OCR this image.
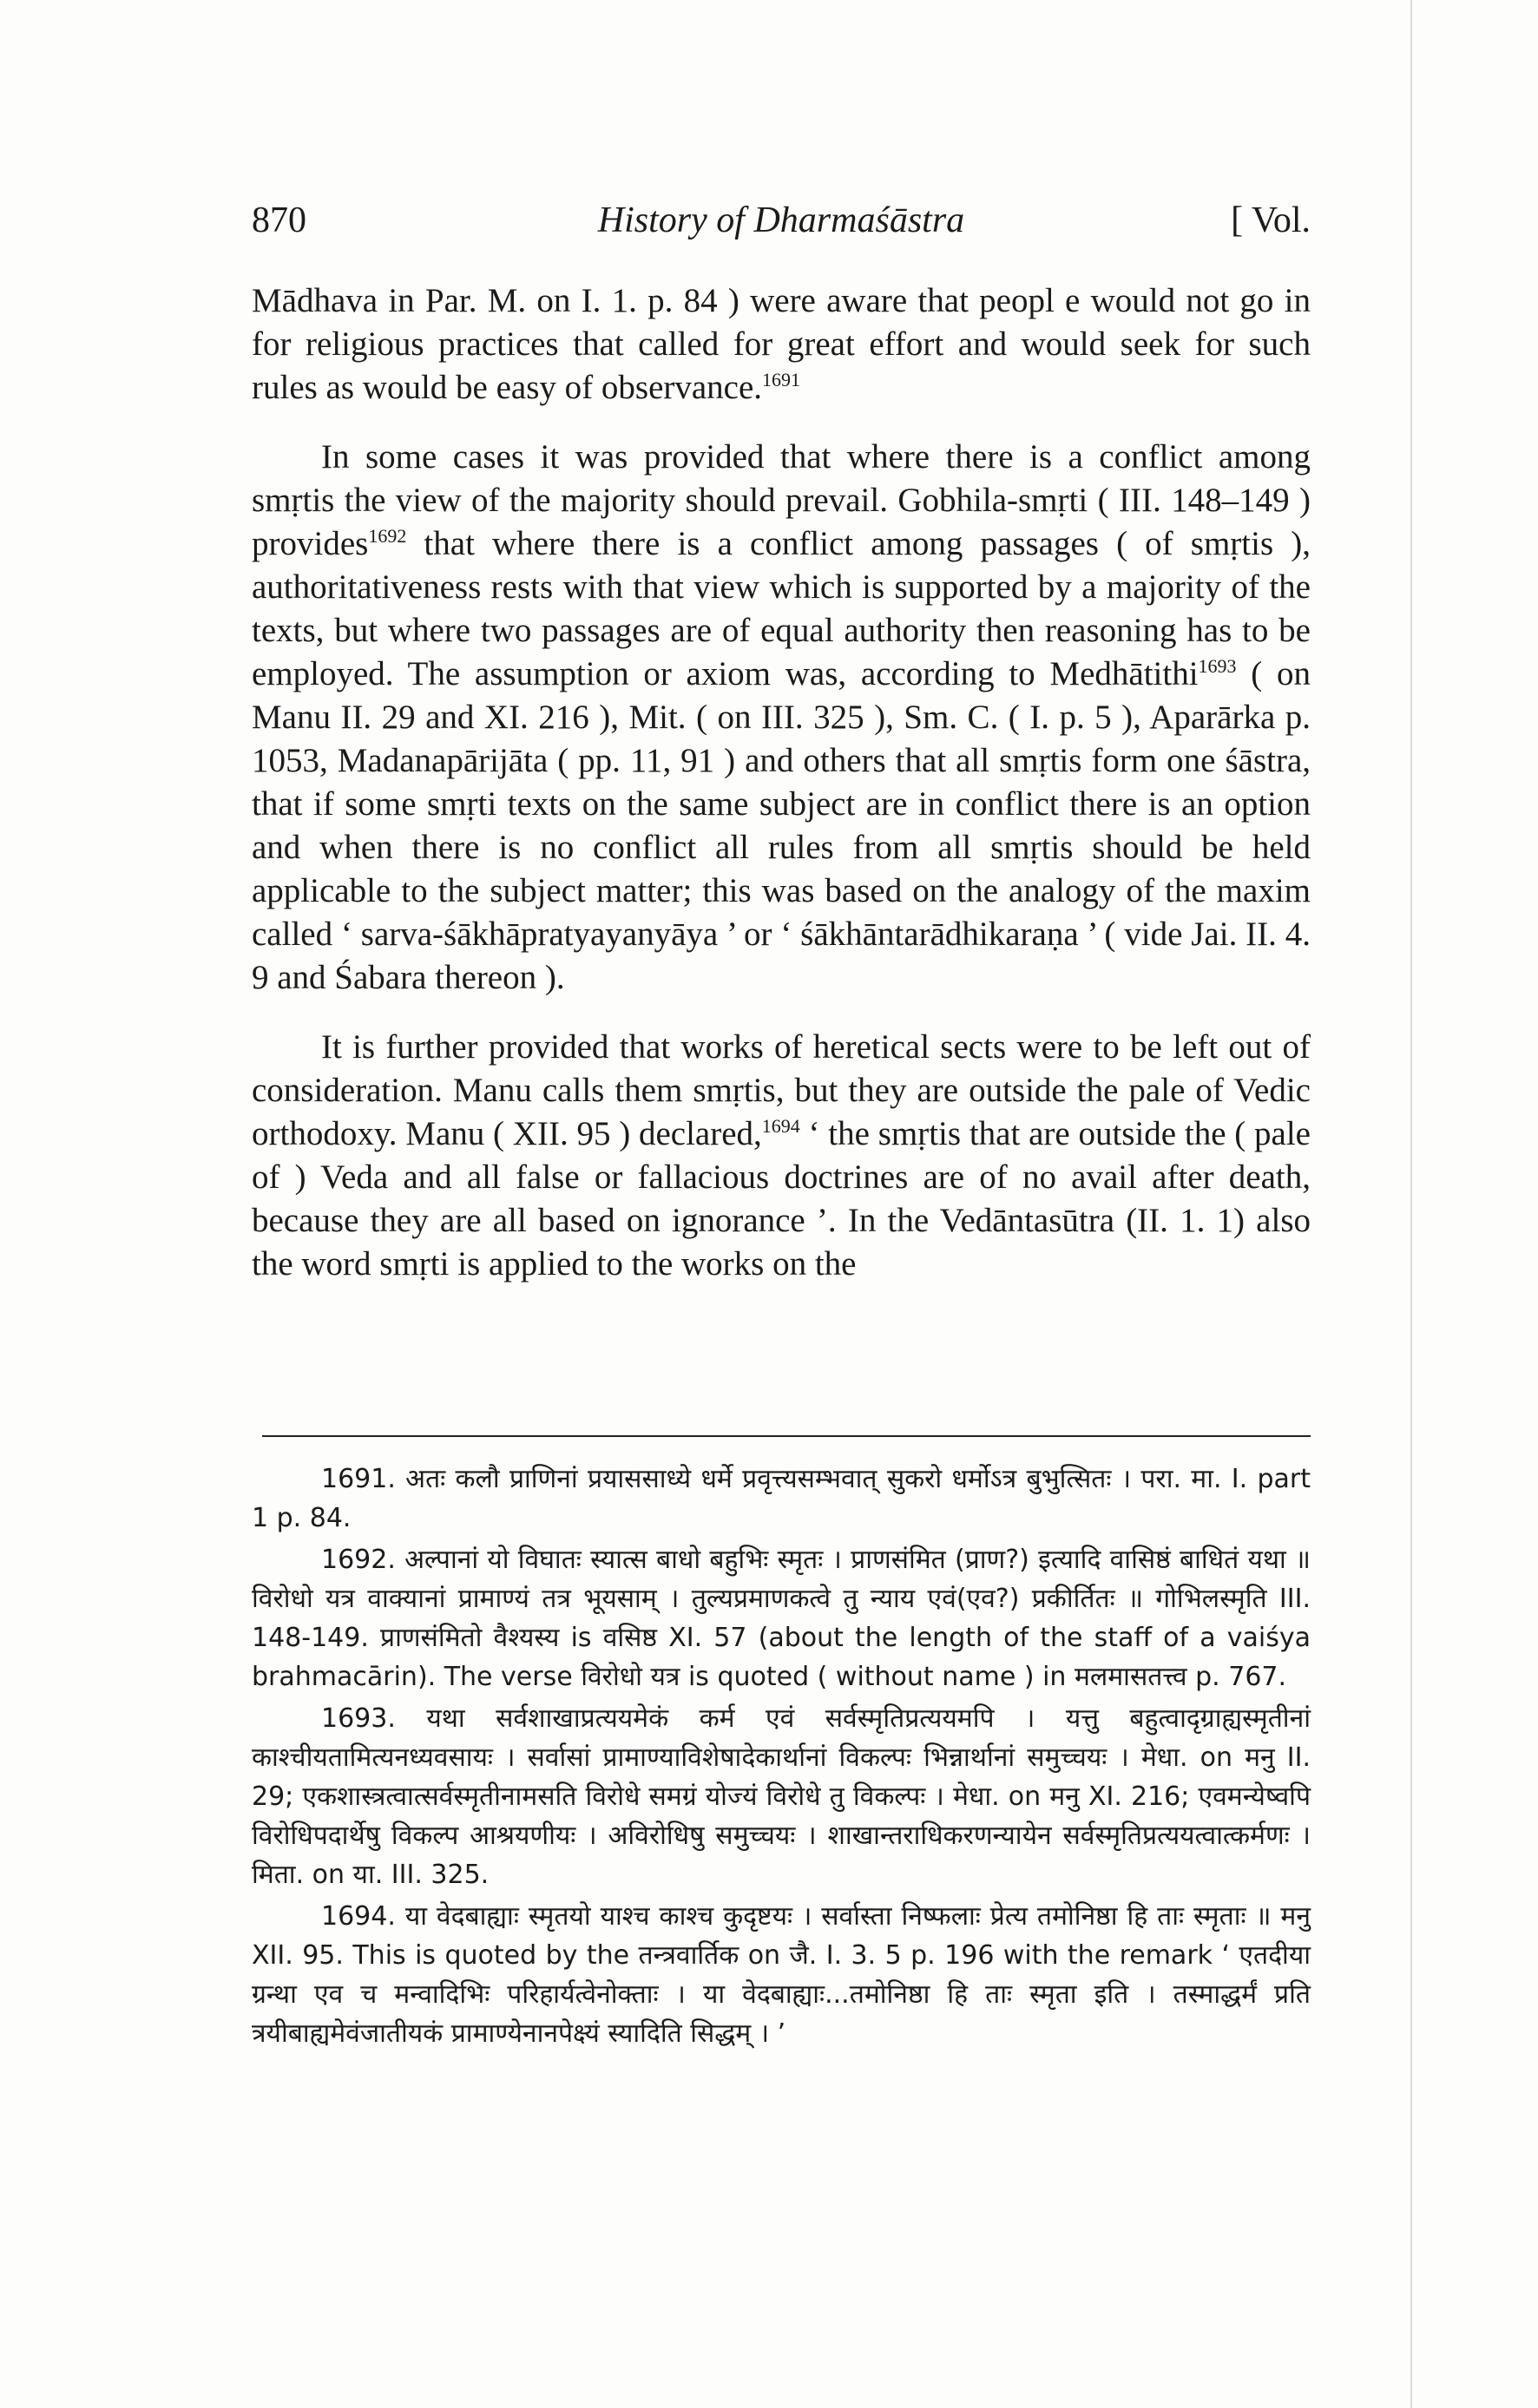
870	History of Dharmaśāstra	[ Vol.

Mādhava in Par. M. on I. 1. p. 84 ) were aware that peopl e would not go in for religious practices that called for great effort and would seek for such rules as would be easy of observance.$^{1691}$

In some cases it was provided that where there is a conflict among smṛtis the view of the majority should prevail. Gobhila-smṛti ( III. 148–149 ) provides$^{1692}$ that where there is a conflict among passages ( of smṛtis ), authoritativeness rests with that view which is supported by a majority of the texts, but where two passages are of equal authority then reasoning has to be employed. The assumption or axiom was, according to Medhātithi$^{1693}$ ( on Manu II. 29 and XI. 216 ), Mit. ( on III. 325 ), Sm. C. ( I. p. 5 ), Aparārka p. 1053, Madanapārijāta ( pp. 11, 91 ) and others that all smṛtis form one śāstra, that if some smṛti texts on the same subject are in conflict there is an option and when there is no conflict all rules from all smṛtis should be held applicable to the subject matter; this was based on the analogy of the maxim called ‘ sarva-śākhāpratyayanyāya ’ or ‘ śākhāntarādhikaraṇa ’ ( vide Jai. II. 4. 9 and Śabara thereon ).

It is further provided that works of heretical sects were to be left out of consideration. Manu calls them smṛtis, but they are outside the pale of Vedic orthodoxy. Manu ( XII. 95 ) declared,$^{1694}$ ‘ the smṛtis that are outside the ( pale of ) Veda and all false or fallacious doctrines are of no avail after death, because they are all based on ignorance ’. In the Vedāntasūtra (II. 1. 1) also the word smṛti is applied to the works on the

1691. अतः कलौ प्राणिनां प्रयाससाध्ये धर्मे प्रवृत्त्यसम्भवात् सुकरो धर्मोऽत्र बुभुत्सितः । परा. मा. I. part 1 p. 84.

1692. अल्पानां यो विघातः स्यात्स बाधो बहुभिः स्मृतः । प्राणसंमित (प्राण?) इत्यादि वासिष्ठं बाधितं यथा ॥ विरोधो यत्र वाक्यानां प्रामाण्यं तत्र भूयसाम् । तुल्यप्रमाणकत्वे तु न्याय एवं(एव?) प्रकीर्तितः ॥ गोभिलस्मृति III. 148-149. प्राणसंमितो वैश्यस्य is वसिष्ठ XI. 57 (about the length of the staff of a vaiśya brahmacārin). The verse विरोधो यत्र is quoted ( without name ) in मलमासतत्त्व p. 767.

1693. यथा सर्वशाखाप्रत्ययमेकं कर्म एवं सर्वस्मृतिप्रत्ययमपि । यत्तु बहुत्वादृग्राह्यस्मृतीनां काश्चीयतामित्यनध्यवसायः । सर्वासां प्रामाण्याविशेषादेकार्थानां विकल्पः भिन्नार्थानां समुच्चयः । मेधा. on मनु II. 29; एकशास्त्रत्वात्सर्वस्मृतीनामसति विरोधे समग्रं योज्यं विरोधे तु विकल्पः । मेधा. on मनु XI. 216; एवमन्येष्वपि विरोधिपदार्थेषु विकल्प आश्रयणीयः । अविरोधिषु समुच्चयः । शाखान्तराधिकरणन्यायेन सर्वस्मृतिप्रत्ययत्वात्कर्मणः । मिता. on या. III. 325.

1694. या वेदबाह्याः स्मृतयो याश्च काश्च कुदृष्टयः । सर्वास्ता निष्फलाः प्रेत्य तमोनिष्ठा हि ताः स्मृताः ॥ मनु XII. 95. This is quoted by the तन्त्रवार्तिक on जै. I. 3. 5 p. 196 with the remark ‘ एतदीया ग्रन्था एव च मन्वादिभिः परिहार्यत्वेनोक्ताः । या वेदबाह्याः...तमोनिष्ठा हि ताः स्मृता इति । तस्माद्धर्मं प्रति त्रयीबाह्यमेवंजातीयकं प्रामाण्येनानपेक्ष्यं स्यादिति सिद्धम् । ’
